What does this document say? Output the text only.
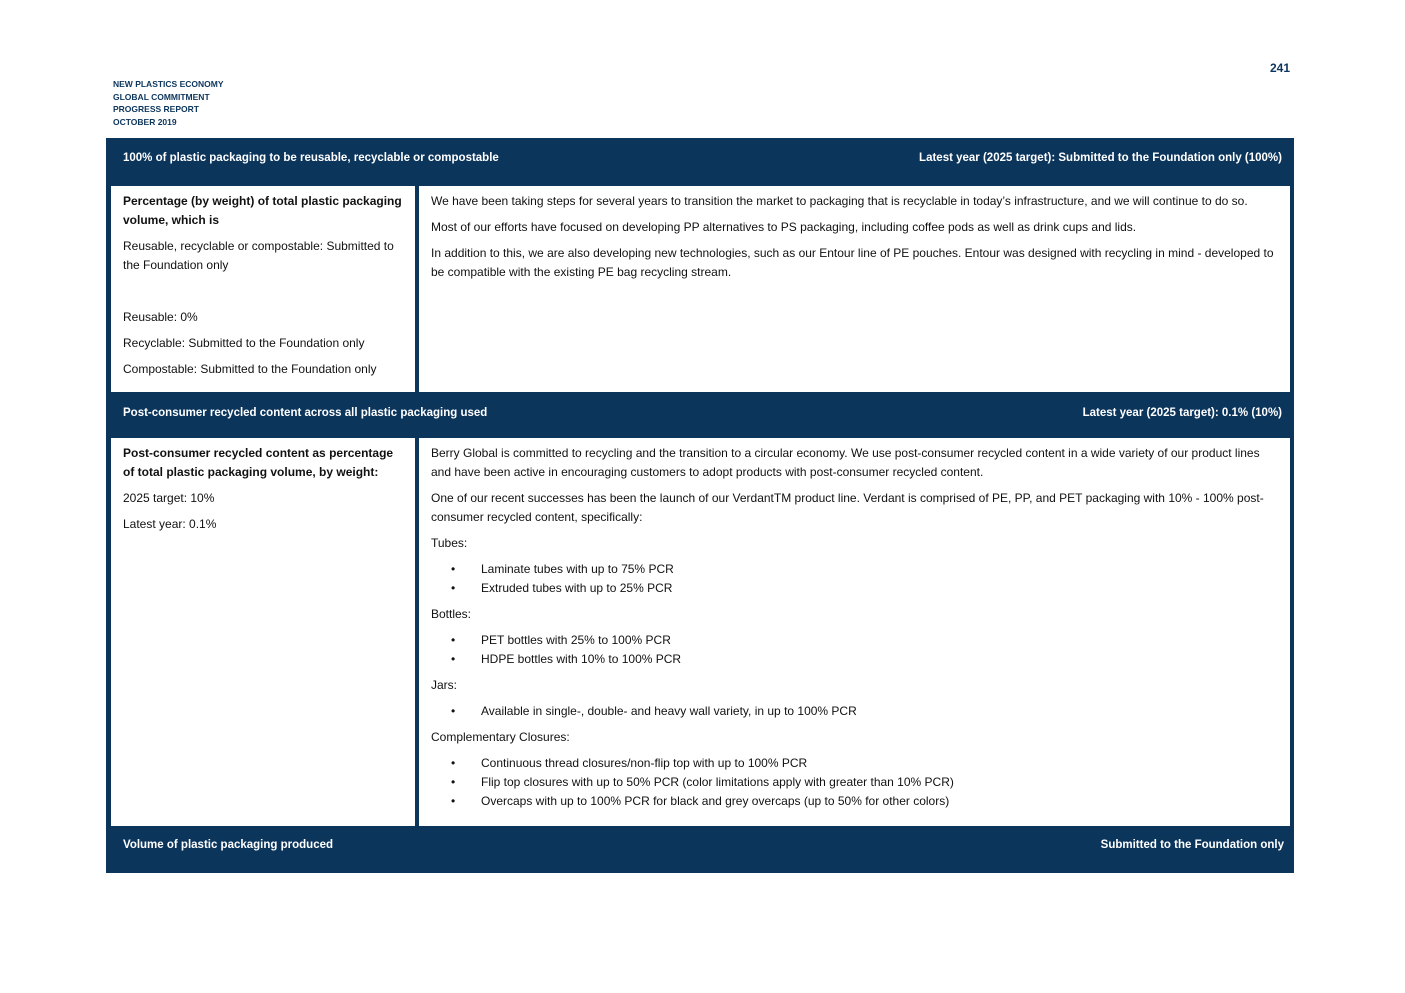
241
NEW PLASTICS ECONOMY
GLOBAL COMMITMENT
PROGRESS REPORT
OCTOBER 2019
100% of plastic packaging to be reusable, recyclable or compostable	Latest year (2025 target): Submitted to the Foundation only (100%)

Percentage (by weight) of total plastic packaging volume, which is

Reusable, recyclable or compostable: Submitted to the Foundation only

Reusable: 0%

Recyclable: Submitted to the Foundation only

Compostable: Submitted to the Foundation only

We have been taking steps for several years to transition the market to packaging that is recyclable in today’s infrastructure, and we will continue to do so.

Most of our efforts have focused on developing PP alternatives to PS packaging, including coffee pods as well as drink cups and lids.

In addition to this, we are also developing new technologies, such as our Entour line of PE pouches. Entour was designed with recycling in mind - developed to be compatible with the existing PE bag recycling stream.

Post-consumer recycled content across all plastic packaging used	Latest year (2025 target): 0.1% (10%)

Post-consumer recycled content as percentage of total plastic packaging volume, by weight:

2025 target: 10%

Latest year: 0.1%

Berry Global is committed to recycling and the transition to a circular economy. We use post-consumer recycled content in a wide variety of our product lines and have been active in encouraging customers to adopt products with post-consumer recycled content.

One of our recent successes has been the launch of our VerdantTM product line. Verdant is comprised of PE, PP, and PET packaging with 10% - 100% post-consumer recycled content, specifically:

Tubes:

• Laminate tubes with up to 75% PCR
• Extruded tubes with up to 25% PCR

Bottles:

• PET bottles with 25% to 100% PCR
• HDPE bottles with 10% to 100% PCR

Jars:

• Available in single-, double- and heavy wall variety, in up to 100% PCR

Complementary Closures:

• Continuous thread closures/non-flip top with up to 100% PCR
• Flip top closures with up to 50% PCR (color limitations apply with greater than 10% PCR)
• Overcaps with up to 100% PCR for black and grey overcaps (up to 50% for other colors)
Volume of plastic packaging produced	Submitted to the Foundation only
